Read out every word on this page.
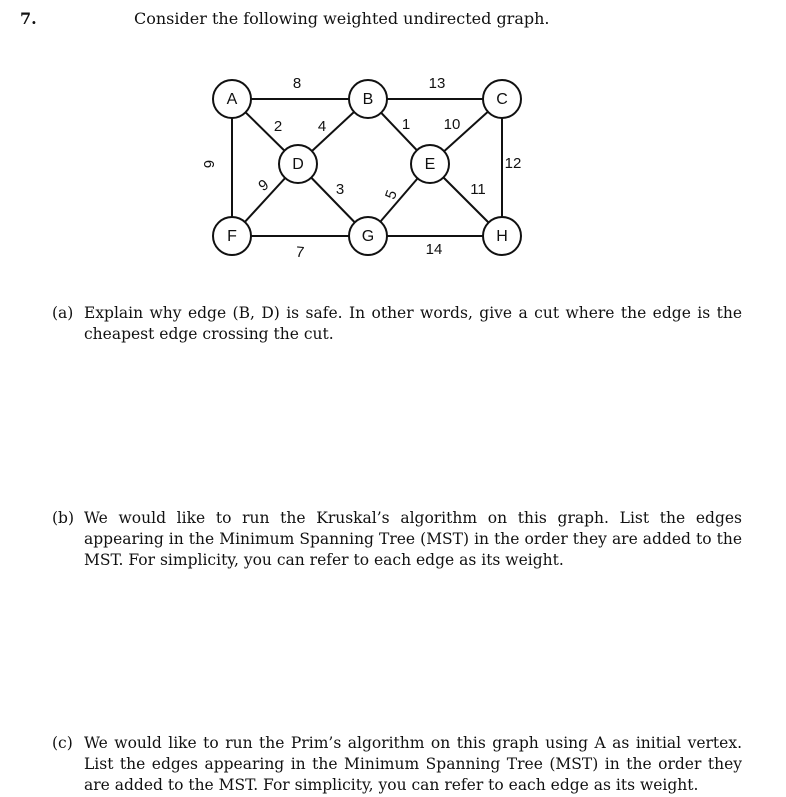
7.	Consider the following weighted undirected graph.
8	13
6	12
7	14
2 4
9	3
1 10
5	11
A	B	C
D	E
F	G	H
(a) Explain why edge (B, D) is safe. In other words, give a cut where the edge is the cheapest edge crossing the cut.
(b) We would like to run the Kruskal’s algorithm on this graph. List the edges appearing in the Minimum Spanning Tree (MST) in the order they are added to the MST. For simplicity, you can refer to each edge as its weight.
(c) We would like to run the Prim’s algorithm on this graph using A as initial vertex. List the edges appearing in the Minimum Spanning Tree (MST) in the order they are added to the MST. For simplicity, you can refer to each edge as its weight.
